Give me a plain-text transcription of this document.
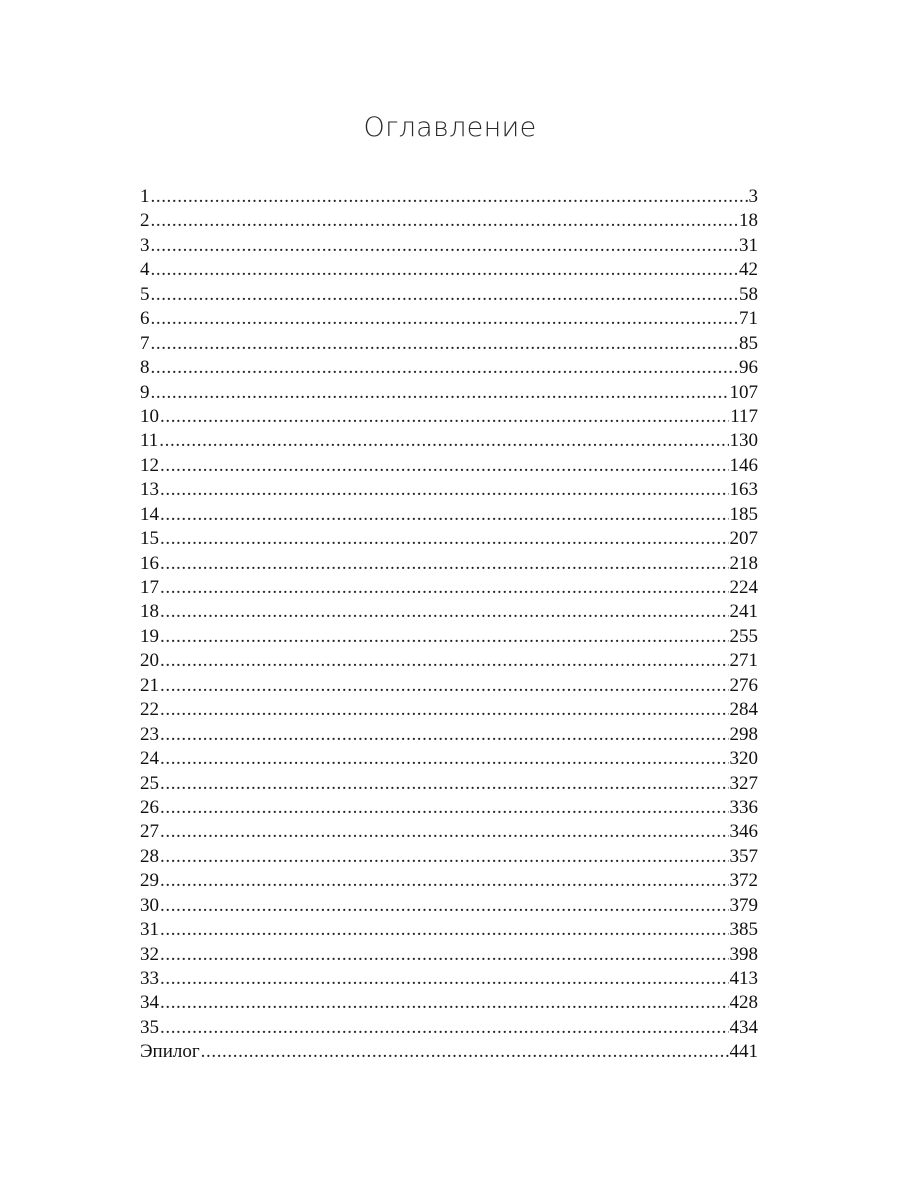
Оглавление
1 .....	3
2 .....	18
3 .....	31
4 .....	42
5 .....	58
6 .....	71
7 .....	85
8 .....	96
9 .....	107
10 .....	117
11 .....	130
12 .....	146
13 .....	163
14 .....	185
15 .....	207
16 .....	218
17 .....	224
18 .....	241
19 .....	255
20 .....	271
21 .....	276
22 .....	284
23 .....	298
24 .....	320
25 .....	327
26 .....	336
27 .....	346
28 .....	357
29 .....	372
30 .....	379
31 .....	385
32 .....	398
33 .....	413
34 .....	428
35 .....	434
Эпилог .....	441
